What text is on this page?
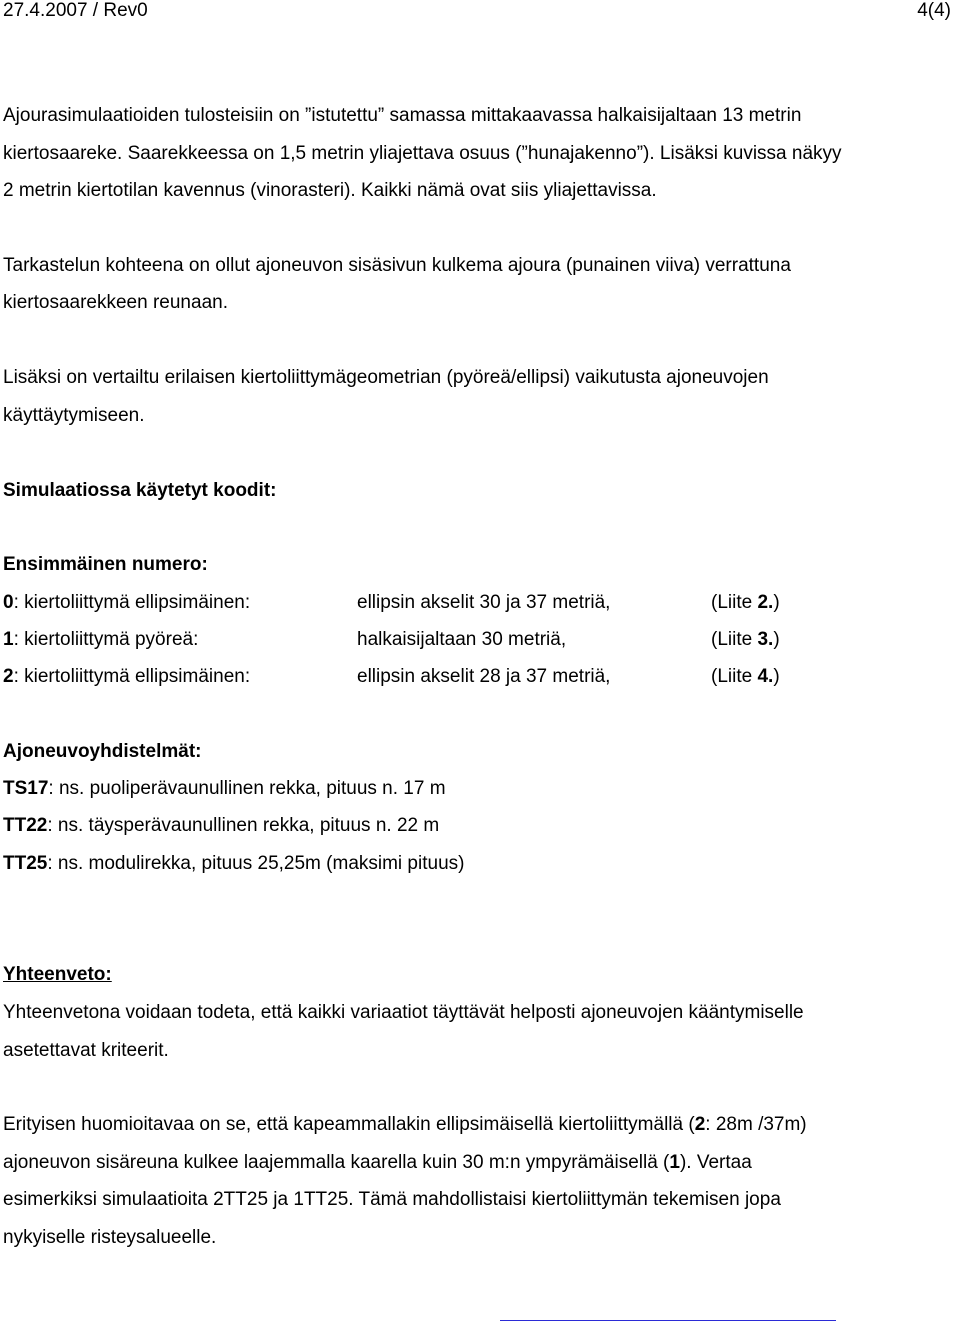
27.4.2007 / Rev0	4(4)
Ajourasimulaatioiden tulosteisiin on ”istutettu” samassa mittakaavassa halkaisijaltaan 13 metrin
kiertosaareke. Saarekkeessa on 1,5 metrin yliajettava osuus (”hunajakenno”). Lisäksi kuvissa näkyy
2 metrin kiertotilan kavennus (vinorasteri). Kaikki nämä ovat siis yliajettavissa.
Tarkastelun kohteena on ollut ajoneuvon sisäsivun kulkema ajoura (punainen viiva) verrattuna
kiertosaarekkeen reunaan.
Lisäksi on vertailtu erilaisen kiertoliittymägeometrian (pyöreä/ellipsi) vaikutusta ajoneuvojen
käyttäytymiseen.
Simulaatiossa käytetyt koodit:
Ensimmäinen numero:
0: kiertoliittymä ellipsimäinen:	ellipsin akselit 30 ja 37 metriä,	(Liite 2.)
1: kiertoliittymä pyöreä:	halkaisijaltaan 30 metriä,	(Liite 3.)
2: kiertoliittymä ellipsimäinen:	ellipsin akselit 28 ja 37 metriä,	(Liite 4.)
Ajoneuvoyhdistelmät:
TS17: ns. puoliperävaunullinen rekka, pituus n. 17 m
TT22: ns. täysperävaunullinen rekka, pituus n. 22 m
TT25: ns. modulirekka, pituus 25,25m (maksimi pituus)
Yhteenveto:
Yhteenvetona voidaan todeta, että kaikki variaatiot täyttävät helposti ajoneuvojen kääntymiselle
asetettavat kriteerit.
Erityisen huomioitavaa on se, että kapeammallakin ellipsimäisellä kiertoliittymällä (2: 28m /37m)
ajoneuvon sisäreuna kulkee laajemmalla kaarella kuin 30 m:n ympyrämäisellä (1). Vertaa
esimerkiksi simulaatioita 2TT25 ja 1TT25. Tämä mahdollistaisi kiertoliittymän tekemisen jopa
nykyiselle risteysalueelle.
